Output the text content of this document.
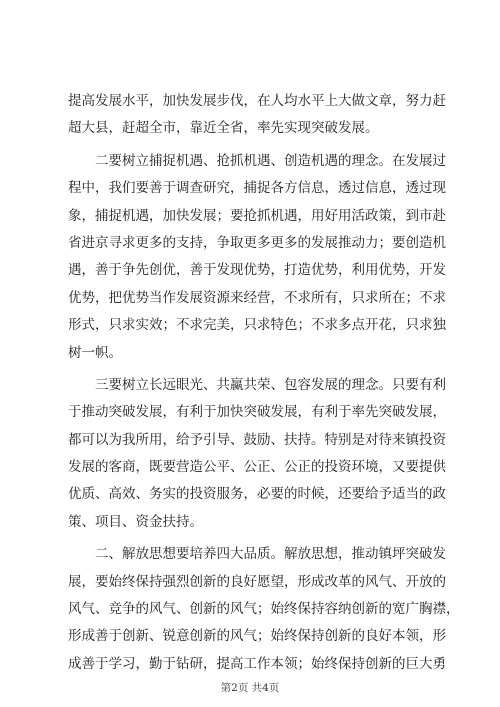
提高发展水平，加快发展步伐，在人均水平上大做文章，努力赶
超大县，赶超全市，靠近全省，率先实现突破发展。
二要树立捕捉机遇、抢抓机遇、创造机遇的理念。在发展过
程中，我们要善于调查研究，捕捉各方信息，透过信息，透过现
象，捕捉机遇，加快发展；要抢抓机遇，用好用活政策，到市赴
省进京寻求更多的支持，争取更多更多的发展推动力；要创造机
遇，善于争先创优，善于发现优势，打造优势，利用优势，开发
优势，把优势当作发展资源来经营，不求所有，只求所在；不求
形式，只求实效；不求完美，只求特色；不求多点开花，只求独
树一帜。
三要树立长远眼光、共赢共荣、包容发展的理念。只要有利
于推动突破发展，有利于加快突破发展，有利于率先突破发展，
都可以为我所用，给予引导、鼓励、扶持。特别是对待来镇投资
发展的客商，既要营造公平、公正、公正的投资环境，又要提供
优质、高效、务实的投资服务，必要的时候，还要给予适当的政
策、项目、资金扶持。
二、解放思想要培养四大品质。解放思想，推动镇坪突破发
展，要始终保持强烈创新的良好愿望，形成改革的风气、开放的
风气、竞争的风气、创新的风气；始终保持容纳创新的宽广胸襟，
形成善于创新、锐意创新的风气；始终保持创新的良好本领，形
成善于学习，勤于钻研，提高工作本领；始终保持创新的巨大勇
第2页 共4页
